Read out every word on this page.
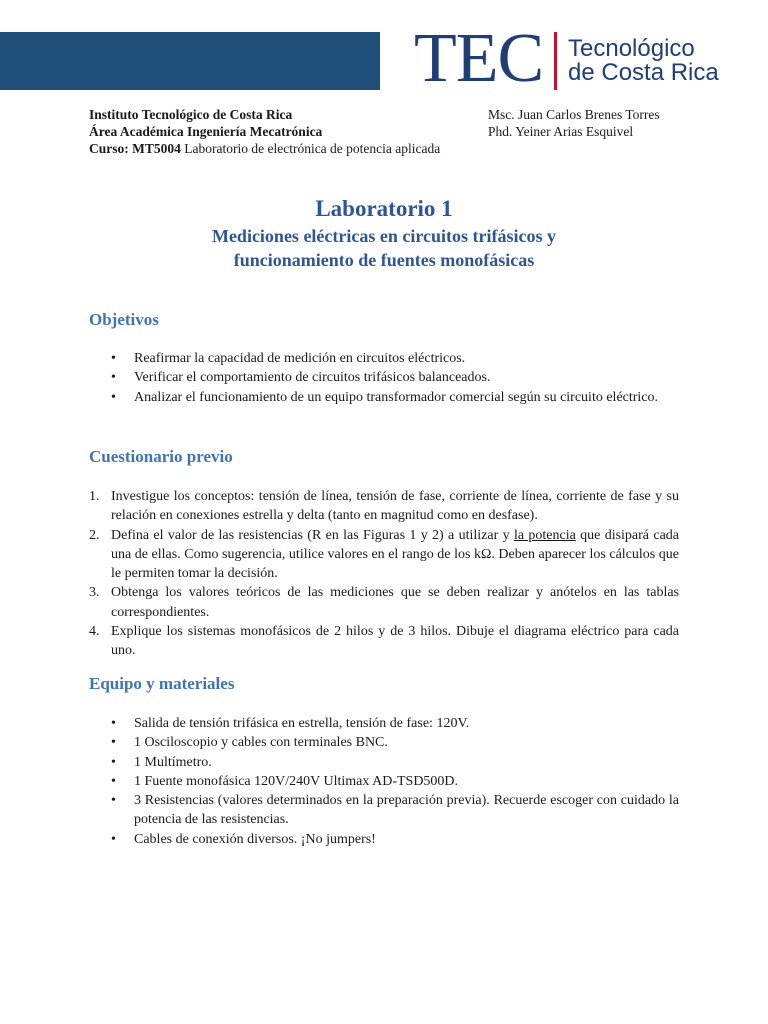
TEC Tecnológico
de Costa Rica
Instituto Tecnológico de Costa Rica
Área Académica Ingeniería Mecatrónica
Curso: MT5004 Laboratorio de electrónica de potencia aplicada
Msc. Juan Carlos Brenes Torres
Phd. Yeiner Arias Esquivel
Laboratorio 1
Mediciones eléctricas en circuitos trifásicos y
funcionamiento de fuentes monofásicas
Objetivos
• Reafirmar la capacidad de medición en circuitos eléctricos.
• Verificar el comportamiento de circuitos trifásicos balanceados.
• Analizar el funcionamiento de un equipo transformador comercial según su circuito eléctrico.
Cuestionario previo
1. Investigue los conceptos: tensión de línea, tensión de fase, corriente de línea, corriente de fase y su relación en conexiones estrella y delta (tanto en magnitud como en desfase).
2. Defina el valor de las resistencias (R en las Figuras 1 y 2) a utilizar y la potencia que disipará cada una de ellas. Como sugerencia, utilice valores en el rango de los kΩ. Deben aparecer los cálculos que le permiten tomar la decisión.
3. Obtenga los valores teóricos de las mediciones que se deben realizar y anótelos en las tablas correspondientes.
4. Explique los sistemas monofásicos de 2 hilos y de 3 hilos. Dibuje el diagrama eléctrico para cada uno.
Equipo y materiales
• Salida de tensión trifásica en estrella, tensión de fase: 120V.
• 1 Osciloscopio y cables con terminales BNC.
• 1 Multímetro.
• 1 Fuente monofásica 120V/240V Ultimax AD-TSD500D.
• 3 Resistencias (valores determinados en la preparación previa). Recuerde escoger con cuidado la potencia de las resistencias.
• Cables de conexión diversos. ¡No jumpers!
